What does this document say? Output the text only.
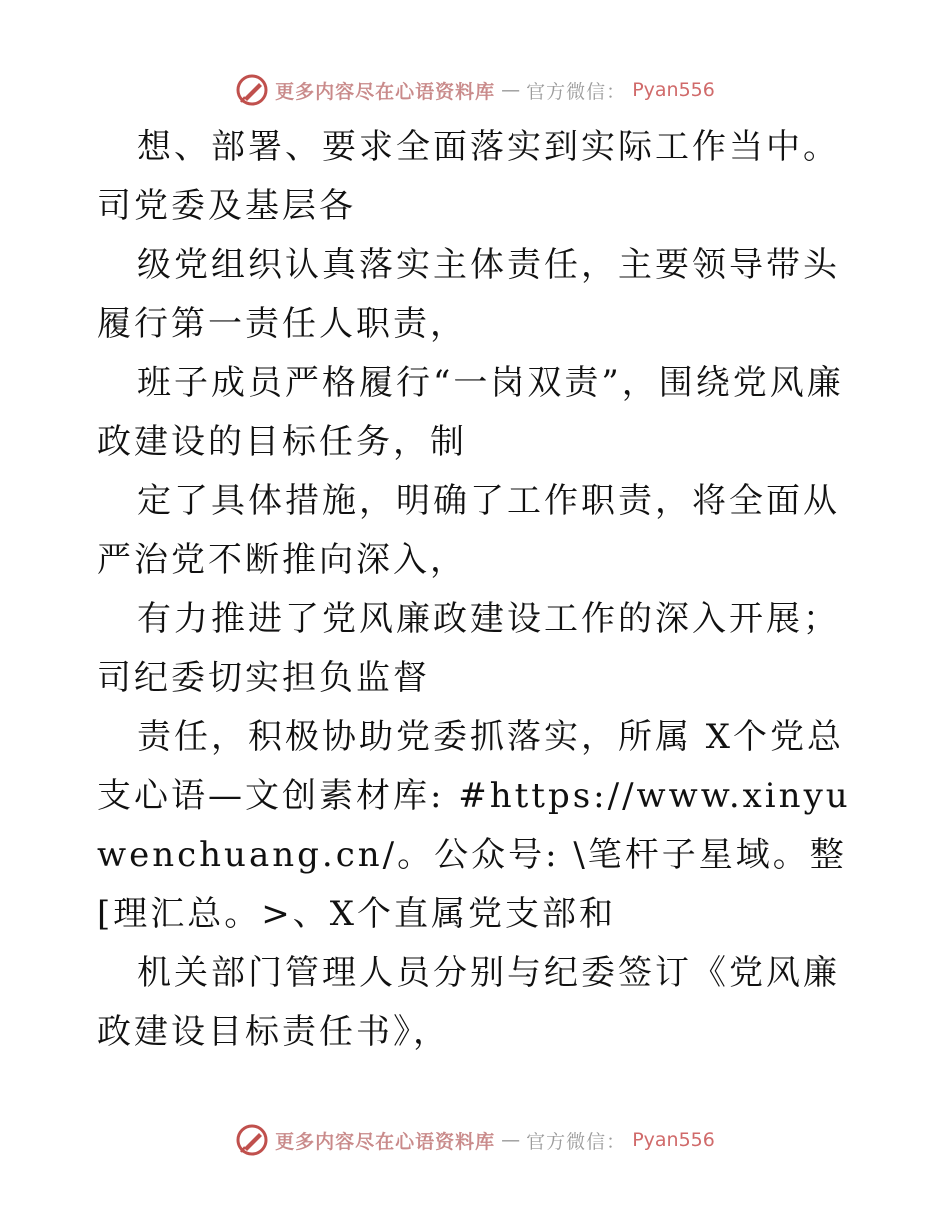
更多内容尽在心语资料库 — 官方微信： Pyan556

想、部署、要求全面落实到实际工作当中。司党委及基层各

级党组织认真落实主体责任，主要领导带头履行第一责任人职责，

班子成员严格履行“一岗双责”，围绕党风廉政建设的目标任务，制

定了具体措施，明确了工作职责，将全面从严治党不断推向深入，

有力推进了党风廉政建设工作的深入开展；司纪委切实担负监督

责任，积极协助党委抓落实，所属 X个党总支心语—文创素材库: #https://www.xinyuwenchuang.cn/。公众号: \笔杆子星域。整[理汇总。>、X个直属党支部和

机关部门管理人员分别与纪委签订《党风廉政建设目标责任书》，

更多内容尽在心语资料库 — 官方微信： Pyan556
